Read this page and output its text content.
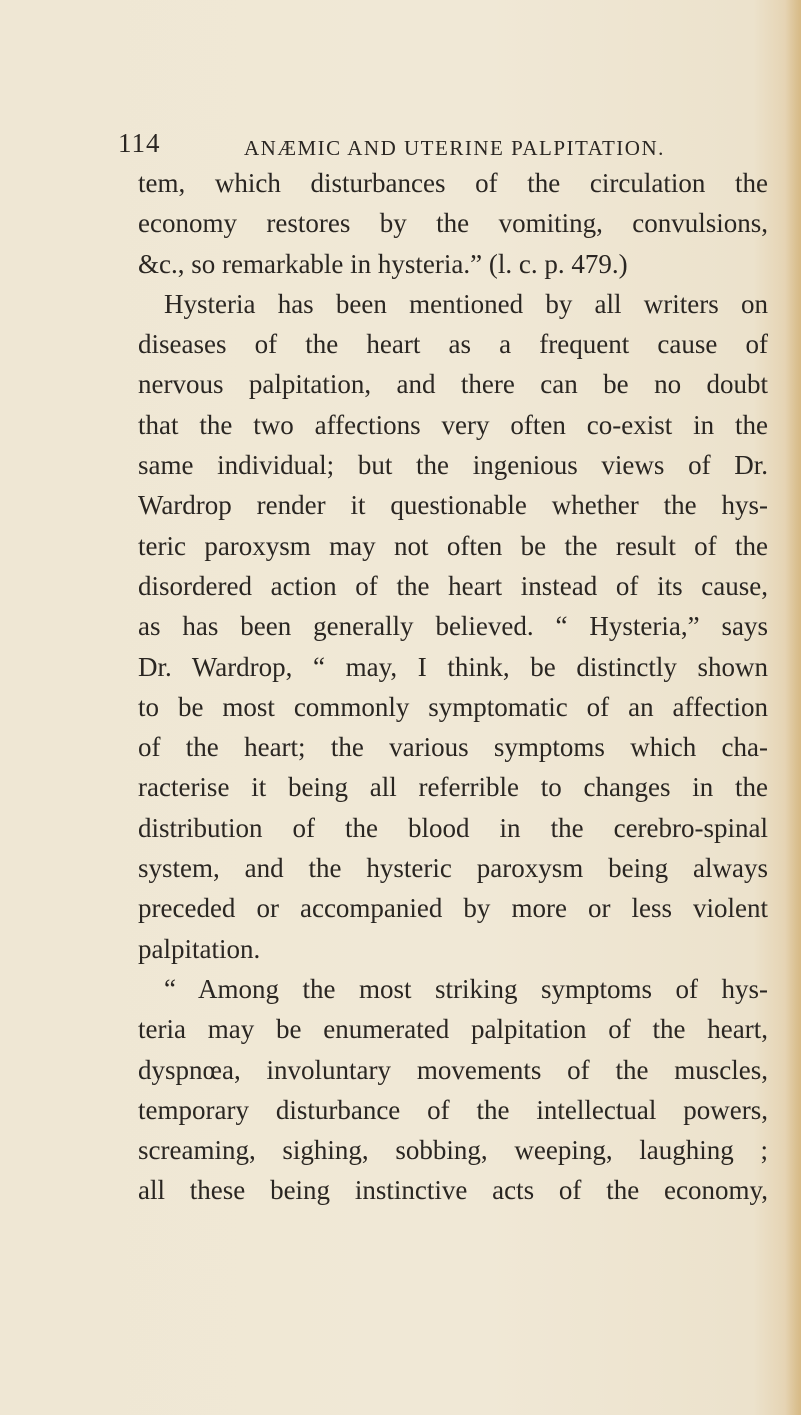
114	ANÆMIC AND UTERINE PALPITATION.
tem, which disturbances of the circulation the
economy restores by the vomiting, convulsions,
&c., so remarkable in hysteria.” (l. c. p. 479.)
Hysteria has been mentioned by all writers on
diseases of the heart as a frequent cause of
nervous palpitation, and there can be no doubt
that the two affections very often co-exist in the
same individual; but the ingenious views of Dr.
Wardrop render it questionable whether the hys-
teric paroxysm may not often be the result of the
disordered action of the heart instead of its cause,
as has been generally believed. “ Hysteria,” says
Dr. Wardrop, “ may, I think, be distinctly shown
to be most commonly symptomatic of an affection
of the heart; the various symptoms which cha-
racterise it being all referrible to changes in the
distribution of the blood in the cerebro-spinal
system, and the hysteric paroxysm being always
preceded or accompanied by more or less violent
palpitation.
“ Among the most striking symptoms of hys-
teria may be enumerated palpitation of the heart,
dyspnœa, involuntary movements of the muscles,
temporary disturbance of the intellectual powers,
screaming, sighing, sobbing, weeping, laughing ;
all these being instinctive acts of the economy,
